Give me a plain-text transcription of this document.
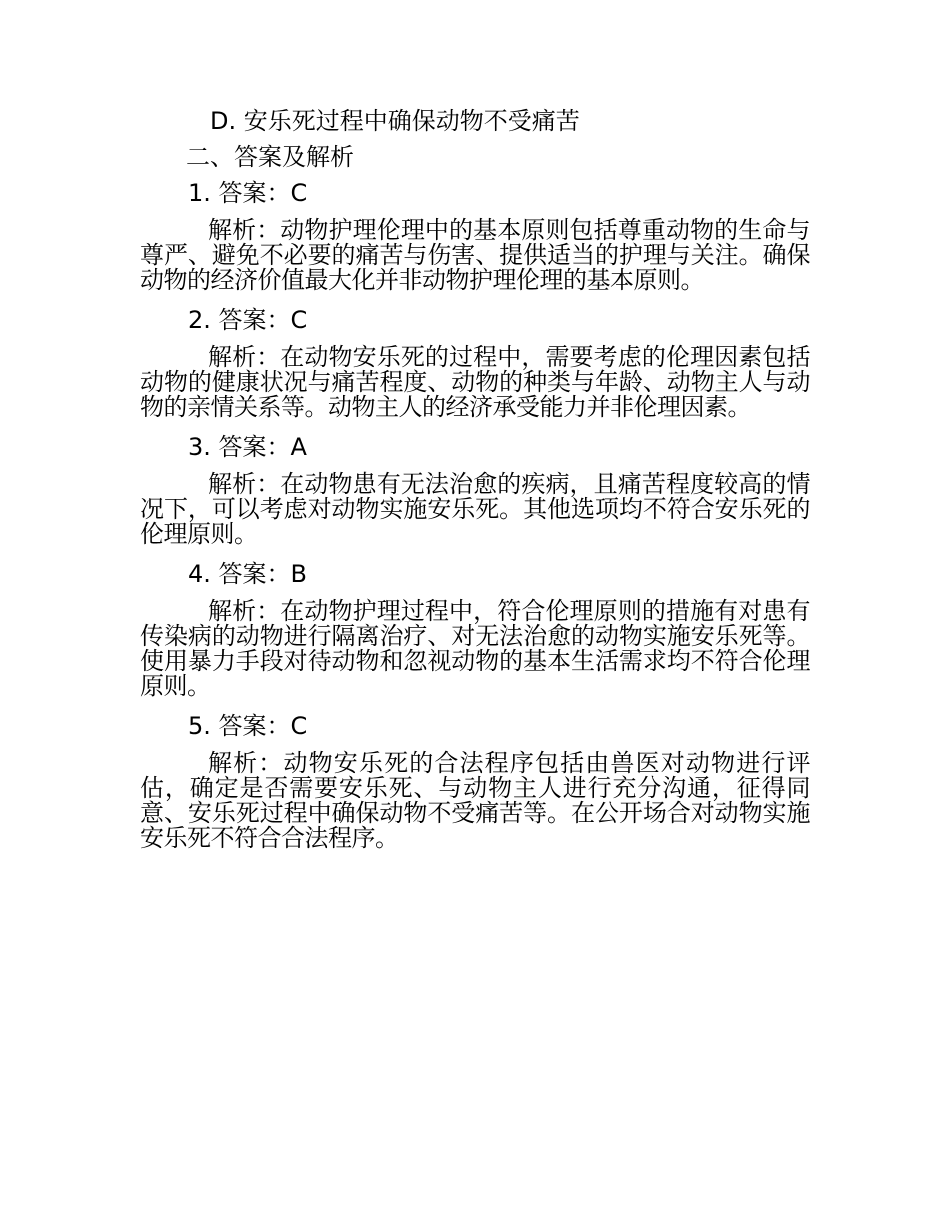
D. 安乐死过程中确保动物不受痛苦

二、答案及解析

1. 答案：C

解析：动物护理伦理中的基本原则包括尊重动物的生命与尊严、避免不必要的痛苦与伤害、提供适当的护理与关注。确保动物的经济价值最大化并非动物护理伦理的基本原则。

2. 答案：C

解析：在动物安乐死的过程中，需要考虑的伦理因素包括动物的健康状况与痛苦程度、动物的种类与年龄、动物主人与动物的亲情关系等。动物主人的经济承受能力并非伦理因素。

3. 答案：A

解析：在动物患有无法治愈的疾病，且痛苦程度较高的情况下，可以考虑对动物实施安乐死。其他选项均不符合安乐死的伦理原则。

4. 答案：B

解析：在动物护理过程中，符合伦理原则的措施有对患有传染病的动物进行隔离治疗、对无法治愈的动物实施安乐死等。使用暴力手段对待动物和忽视动物的基本生活需求均不符合伦理原则。

5. 答案：C

解析：动物安乐死的合法程序包括由兽医对动物进行评估，确定是否需要安乐死、与动物主人进行充分沟通，征得同意、安乐死过程中确保动物不受痛苦等。在公开场合对动物实施安乐死不符合合法程序。
